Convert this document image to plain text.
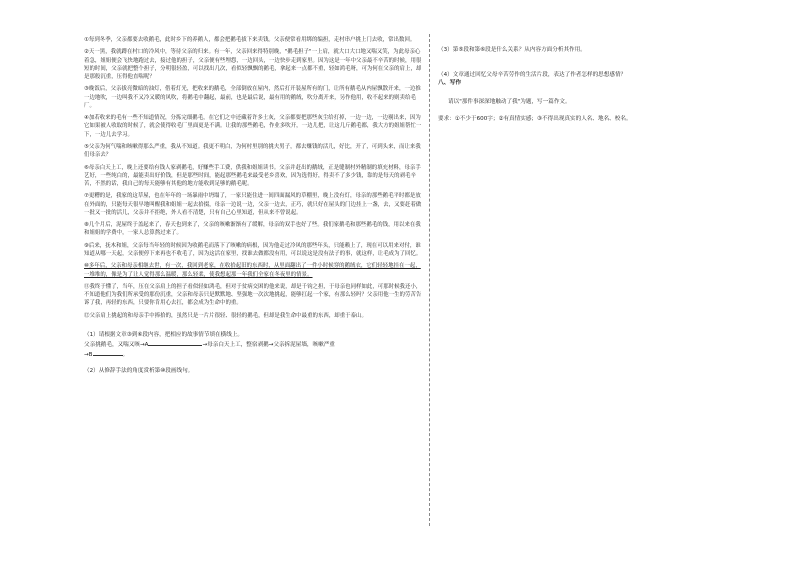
①每到冬季，父亲都要去收鹅毛，此时乡下的养鹅人，都会把鹅毛拔下来卖钱。父亲便常看用绑的编担，走村串户挑上门去收，常出数回。

②天一黑，我就蹲在村口的冷风中，等待父亲的归来。有一年，父亲回来得特别晚，"鹅毛担子"一上肩，就大口大口地又喘又笑，为此母亲心着急，姐姐便会飞快地跑过去，接过他的担子，父亲便有些埋怨，一边回头，一边快步走到家里。因为这是一年中父亲最不辛苦的时候，用很短的时间，父亲就把整个担子，分明很轻盈，可以找出几次，看似轻飘飘的鹅毛，拿起来一点都不重，轻如鸿毛呀，可为何在父亲的肩上，却是那般沉重，压得他直喘呢？

③晚饭后，父亲拔亮微暗的油灯，借着灯光，把收来的鹅毛，全部倒放在屋内，然后打开装屋所有的门，让所有鹅毛从内屋飘散开来，一边推一边地吹，一边叫我不又冷又暖的风吹，将鹅毛中翻起，最前，也是最后说，最有用的鹅绒，吹分离开来，另作他用，收不起来的则卖给毛厂。

④加若收来的毛有一些不知道情况，分拣完细鹅毛，在它们之中还藏着许多土灰，父亲都要把那些灰尘给打掉，一边一边，一边剔出来，因为它如果被人收取的时候了，就会使得收毛厂里面更是不满。让我的那些鹅毛，作业多吹开，一边儿把，让这几斤鹅毛都，我大方的姐姐帮忙一下，一边儿去学习。

⑤父亲为何气喘和咳嗽得那么严重，我从不知道。我更不明白，为何村里别的挑夫男子，都去赚钱的活儿，好比，开了，可到头来，而让来我们母亲去？

⑥母亲白天上工，晚上还要给有钱人家剥鹅毛，好赚些手工费，供我和姐姐读书。父亲并赶出的鹅绒，正是缝制村外精制的填充材料，母亲手艺好，一些纯白的，最能卖出好价钱，但是那些时间，能起那些鹅毛来最受老乡喜欢，因为选得好，得卖不了多少钱，靠的是每天的剥毛辛苦，不然的话，我自己的每天能够有其他的地方能收到足够的鹅毛呢。

⑦更糟的是，我家的这草屋，也在年年的一场暴雨中坍塌了，一家只能住进一间四面漏风的草棚里，晚上没有灯，母亲的那些鹅毛平时都是放在外面的，只能每天很早地叫醒我和姐姐一起去拾掇，母亲一边说一边，父亲一边去，正巧，就只好在屋头的门边挂上一盏，去，又要赶着做一批又一批的活儿，父亲并不拒绝，外人看不清楚，只有自己心里知道，但从来不曾说起。

⑧几个月后，泥屋终于盖起来了，春天也到来了，父亲的咳嗽渐渐有了缓解，母亲的双手也好了些。我们家鹅毛和那些鹅毛的钱，用以来在我和姐姐的学费中，一家人总算熬过来了。

⑨后来，抚木和姐，父亲每当年轻的时候因为收鹅毛而落下了咳嗽的病根，因为他走过冷风的那些年头，只能赖上了，现在可以用来对付，谁知道从哪一天起，父亲便停下来再也不收毛了，因为这活在家里，找谁去做都没有用，可以说这是没有法子的事，就这样，让毛成为了回忆。

⑩多年后，父亲和母亲相继去世，有一次，我回到老家，在收拾起旧的东西时，从里面翻出了一件小时候穿的鹅绒衣，它们轻轻地挂在一起，一堆堆的，像是为了让人觉得那么温暖，那么轻柔，使我想起那一年我们全家在冬夜里的情景。

⑪我终于懂了，当年，压在父亲肩上的担子看似轻如鸿毛，但对于贫病交困的他来说，却是千钧之担，于母亲也同样如此，可那时候我还小，不知道他们为我们所承受的那份沉重，父亲和母亲只是默默地、坚强地一次次地挑起，能够扛起一个家，有那么轻吗？父亲用他一生的劳苦告诉了我，再轻的东西，只要你肯用心去扛，都会成为生命中的重。

⑫父亲肩上挑起的和母亲手中捧拾的，虽然只是一片片很轻、很轻的鹅毛，但却是我生命中最重的东西，却重于泰山。

（1）请根据文章③到⑥段内容，把相应的故事情节填在横线上。

父亲挑鹅毛，又喘又咳→A	→母亲白天上工，整宿剥鹅→父亲拆泥屋墙，咳嗽严重

→B	。

（2）从修辞手法的角度赏析第⑩段画线句。

（3）第⑤段和第⑥段是什么关系？从内容方面分析其作用。

（4）文章通过回忆父母辛苦劳作的生活片段，表达了作者怎样的思想感情？

八、写作

请以"那件事深深地触动了我"为题，写一篇作文。

要求：①不少于600字；②有真情实感；③不得出现真实的人名、地名、校名。
